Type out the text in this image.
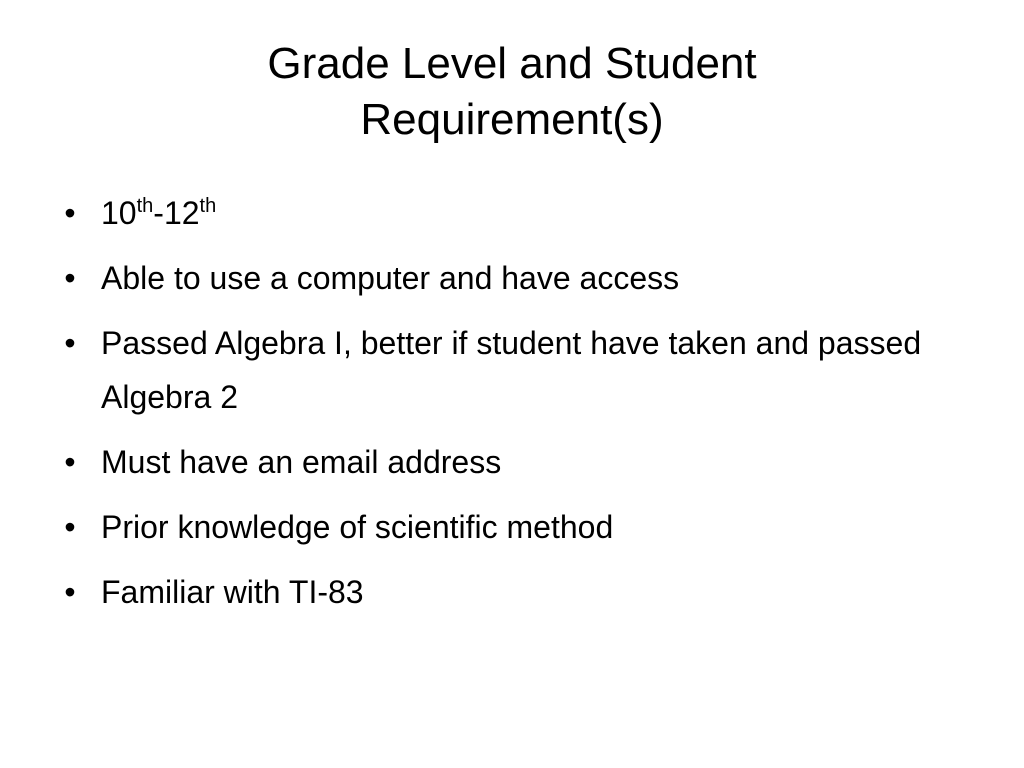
Grade Level and Student
Requirement(s)
• 10th-12th
• Able to use a computer and have access
• Passed Algebra I, better if student have taken and passed Algebra 2
• Must have an email address
• Prior knowledge of scientific method
• Familiar with TI-83
